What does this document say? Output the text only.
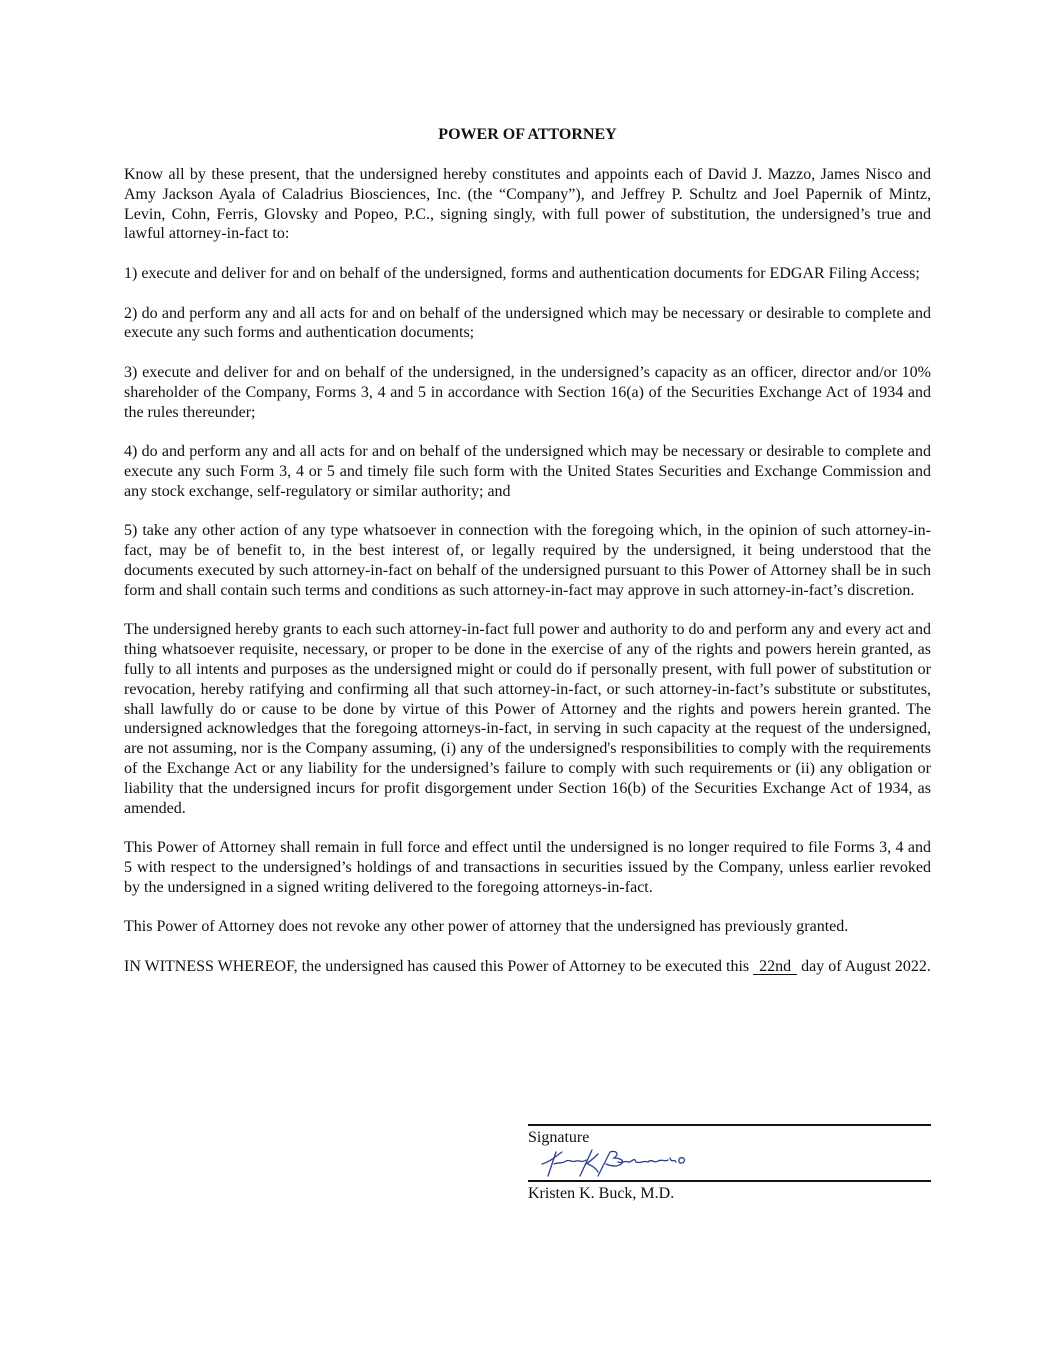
POWER OF ATTORNEY

Know all by these present, that the undersigned hereby constitutes and appoints each of David J. Mazzo, James Nisco and Amy Jackson Ayala of Caladrius Biosciences, Inc. (the “Company”), and Jeffrey P. Schultz and Joel Papernik of Mintz, Levin, Cohn, Ferris, Glovsky and Popeo, P.C., signing singly, with full power of substitution, the undersigned’s true and lawful attorney-in-fact to:

1) execute and deliver for and on behalf of the undersigned, forms and authentication documents for EDGAR Filing Access;

2) do and perform any and all acts for and on behalf of the undersigned which may be necessary or desirable to complete and execute any such forms and authentication documents;

3) execute and deliver for and on behalf of the undersigned, in the undersigned’s capacity as an officer, director and/or 10% shareholder of the Company, Forms 3, 4 and 5 in accordance with Section 16(a) of the Securities Exchange Act of 1934 and the rules thereunder;

4) do and perform any and all acts for and on behalf of the undersigned which may be necessary or desirable to complete and execute any such Form 3, 4 or 5 and timely file such form with the United States Securities and Exchange Commission and any stock exchange, self-regulatory or similar authority; and

5) take any other action of any type whatsoever in connection with the foregoing which, in the opinion of such attorney-in-fact, may be of benefit to, in the best interest of, or legally required by the undersigned, it being understood that the documents executed by such attorney-in-fact on behalf of the undersigned pursuant to this Power of Attorney shall be in such form and shall contain such terms and conditions as such attorney-in-fact may approve in such attorney-in-fact’s discretion.

The undersigned hereby grants to each such attorney-in-fact full power and authority to do and perform any and every act and thing whatsoever requisite, necessary, or proper to be done in the exercise of any of the rights and powers herein granted, as fully to all intents and purposes as the undersigned might or could do if personally present, with full power of substitution or revocation, hereby ratifying and confirming all that such attorney-in-fact, or such attorney-in-fact’s substitute or substitutes, shall lawfully do or cause to be done by virtue of this Power of Attorney and the rights and powers herein granted. The undersigned acknowledges that the foregoing attorneys-in-fact, in serving in such capacity at the request of the undersigned, are not assuming, nor is the Company assuming, (i) any of the undersigned's responsibilities to comply with the requirements of the Exchange Act or any liability for the undersigned’s failure to comply with such requirements or (ii) any obligation or liability that the undersigned incurs for profit disgorgement under Section 16(b) of the Securities Exchange Act of 1934, as amended.

This Power of Attorney shall remain in full force and effect until the undersigned is no longer required to file Forms 3, 4 and 5 with respect to the undersigned’s holdings of and transactions in securities issued by the Company, unless earlier revoked by the undersigned in a signed writing delivered to the foregoing attorneys-in-fact.

This Power of Attorney does not revoke any other power of attorney that the undersigned has previously granted.

IN WITNESS WHEREOF, the undersigned has caused this Power of Attorney to be executed this 22nd day of August 2022.

Signature
Kristen K. Buck, M.D.
